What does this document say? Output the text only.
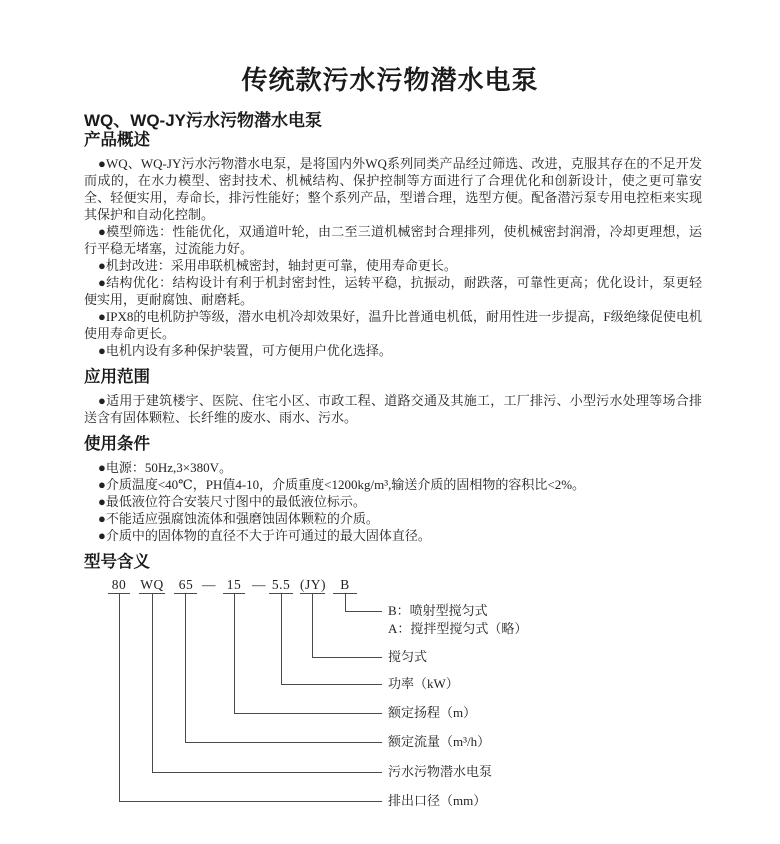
传统款污水污物潜水电泵
WQ、WQ-JY污水污物潜水电泵
产品概述

●WQ、WQ-JY污水污物潜水电泵，是将国内外WQ系列同类产品经过筛选、改进，克服其存在的不足开发而成的，在水力模型、密封技术、机械结构、保护控制等方面进行了合理优化和创新设计，使之更可靠安全、轻便实用，寿命长，排污性能好；整个系列产品，型谱合理，选型方便。配备潜污泵专用电控柜来实现其保护和自动化控制。

●模型筛选：性能优化，双通道叶轮，由二至三道机械密封合理排列，使机械密封润滑，冷却更理想，运行平稳无堵塞，过流能力好。

●机封改进：采用串联机械密封，轴封更可靠，使用寿命更长。

●结构优化：结构设计有利于机封密封性，运转平稳，抗振动，耐跌落，可靠性更高；优化设计，泵更轻便实用，更耐腐蚀、耐磨耗。

●IPX8的电机防护等级，潜水电机冷却效果好，温升比普通电机低，耐用性进一步提高，F级绝缘促使电机使用寿命更长。

●电机内设有多种保护装置，可方便用户优化选择。

应用范围

●适用于建筑楼宇、医院、住宅小区、市政工程、道路交通及其施工，工厂排污、小型污水处理等场合排送含有固体颗粒、长纤维的废水、雨水、污水。

使用条件

●电源：50Hz,3×380V。

●介质温度<40℃，PH值4-10，介质重度<1200kg/m³,输送介质的固相物的容积比<2%。

●最低液位符合安装尺寸图中的最低液位标示。

●不能适应强腐蚀流体和强磨蚀固体颗粒的介质。

●介质中的固体物的直径不大于许可通过的最大固体直径。

型号含义
80	WQ	65 — 15 — 5.5 (JY)	B
B：喷射型搅匀式
A：搅拌型搅匀式（略）
搅匀式
功率（kW）
额定扬程（m）
额定流量（m³/h）
污水污物潜水电泵
排出口径（mm）
